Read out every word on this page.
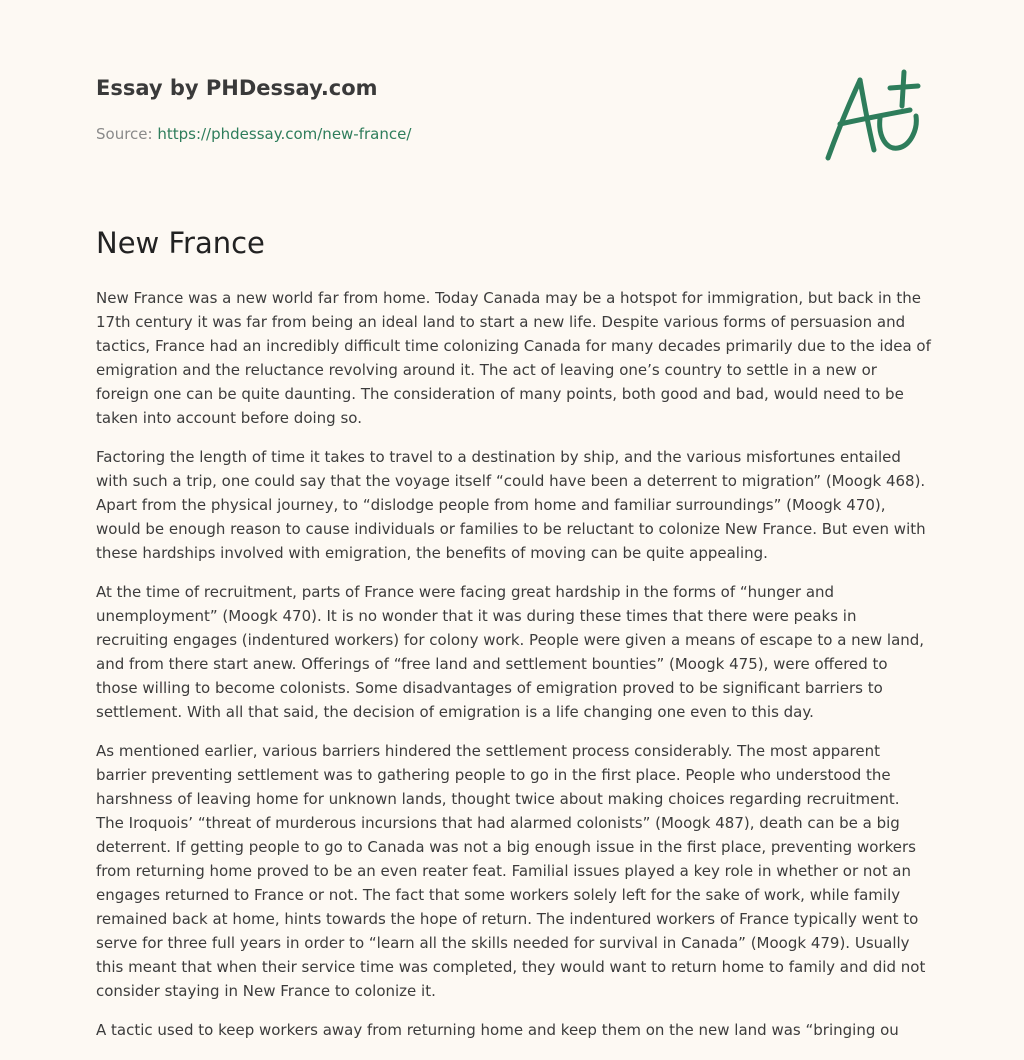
Essay by PHDessay.com
Source: https://phdessay.com/new-france/
New France

New France was a new world far from home. Today Canada may be a hotspot for immigration, but back in the 17th century it was far from being an ideal land to start a new life. Despite various forms of persuasion and tactics, France had an incredibly difficult time colonizing Canada for many decades primarily due to the idea of emigration and the reluctance revolving around it. The act of leaving one’s country to settle in a new or foreign one can be quite daunting. The consideration of many points, both good and bad, would need to be taken into account before doing so.

Factoring the length of time it takes to travel to a destination by ship, and the various misfortunes entailed with such a trip, one could say that the voyage itself “could have been a deterrent to migration” (Moogk 468). Apart from the physical journey, to “dislodge people from home and familiar surroundings” (Moogk 470), would be enough reason to cause individuals or families to be reluctant to colonize New France. But even with these hardships involved with emigration, the benefits of moving can be quite appealing.

At the time of recruitment, parts of France were facing great hardship in the forms of “hunger and unemployment” (Moogk 470). It is no wonder that it was during these times that there were peaks in recruiting engages (indentured workers) for colony work. People were given a means of escape to a new land, and from there start anew. Offerings of “free land and settlement bounties” (Moogk 475), were offered to those willing to become colonists. Some disadvantages of emigration proved to be significant barriers to settlement. With all that said, the decision of emigration is a life changing one even to this day.

As mentioned earlier, various barriers hindered the settlement process considerably. The most apparent barrier preventing settlement was to gathering people to go in the first place. People who understood the harshness of leaving home for unknown lands, thought twice about making choices regarding recruitment. The Iroquois’ “threat of murderous incursions that had alarmed colonists” (Moogk 487), death can be a big deterrent. If getting people to go to Canada was not a big enough issue in the first place, preventing workers from returning home proved to be an even reater feat. Familial issues played a key role in whether or not an engages returned to France or not. The fact that some workers solely left for the sake of work, while family remained back at home, hints towards the hope of return. The indentured workers of France typically went to serve for three full years in order to “learn all the skills needed for survival in Canada” (Moogk 479). Usually this meant that when their service time was completed, they would want to return home to family and did not consider staying in New France to colonize it.

A tactic used to keep workers away from returning home and keep them on the new land was “bringing ou
